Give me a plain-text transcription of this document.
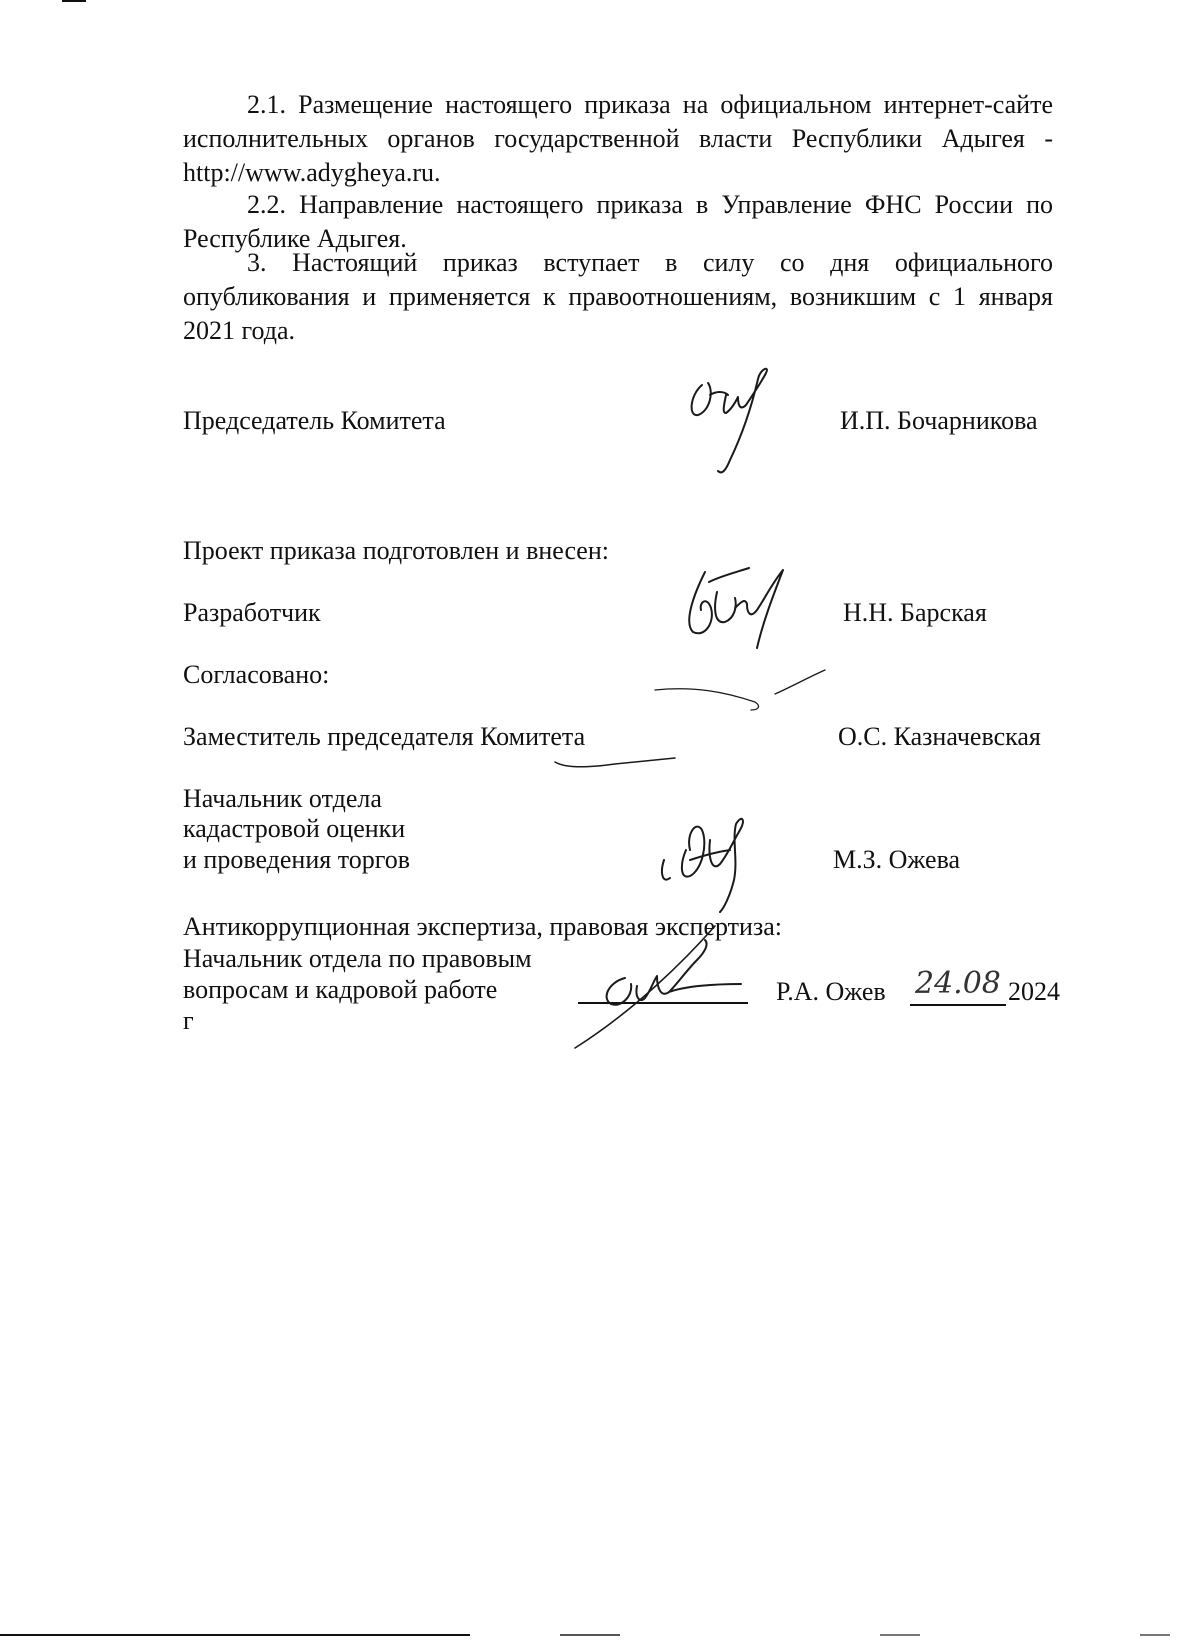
2.1. Размещение настоящего приказа на официальном интернет-сайте исполнительных органов государственной власти Республики Адыгея - http://www.adygheya.ru.

2.2. Направление настоящего приказа в Управление ФНС России по Республике Адыгея.

3. Настоящий приказ вступает в силу со дня официального опубликования и применяется к правоотношениям, возникшим с 1 января 2021 года.

Председатель Комитета	И.П. Бочарникова
Проект приказа подготовлен и внесен:
Разработчик	Н.Н. Барская
Согласовано:
Заместитель председателя Комитета	О.С. Казначевская
Начальник отдела
кадастровой оценки
и проведения торгов	М.З. Ожева
Антикоррупционная экспертиза, правовая экспертиза:
Начальник отдела по правовым
вопросам и кадровой работе
г
Р.А. Ожев 24.08 2024
